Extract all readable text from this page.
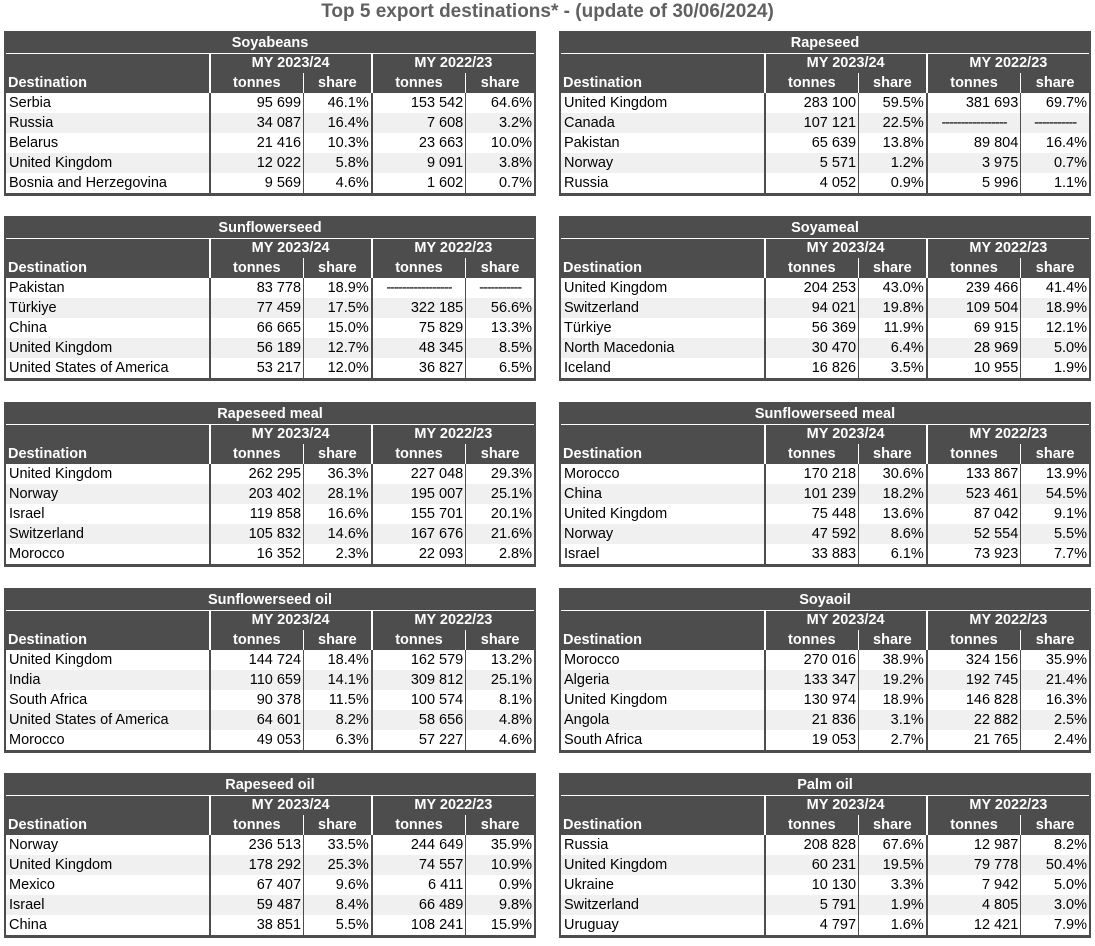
Top 5 export destinations* - (update of 30/06/2024)
Soyabeans				
	MY 2023/24		MY 2022/23	
Destination	tonnes	share	tonnes	share
Serbia	95 699	46.1%	153 542	64.6%
Russia	34 087	16.4%	7 608	3.2%
Belarus	21 416	10.3%	23 663	10.0%
United Kingdom	12 022	5.8%	9 091	3.8%
Bosnia and Herzegovina	9 569	4.6%	1 602	0.7%
Rapeseed				
	MY 2023/24		MY 2022/23	
Destination	tonnes	share	tonnes	share
United Kingdom	283 100	59.5%	381 693	69.7%
Canada	107 121	22.5%	-----------------	-----------
Pakistan	65 639	13.8%	89 804	16.4%
Norway	5 571	1.2%	3 975	0.7%
Russia	4 052	0.9%	5 996	1.1%
Sunflowerseed				
	MY 2023/24		MY 2022/23	
Destination	tonnes	share	tonnes	share
Pakistan	83 778	18.9%	-----------------	-----------
Türkiye	77 459	17.5%	322 185	56.6%
China	66 665	15.0%	75 829	13.3%
United Kingdom	56 189	12.7%	48 345	8.5%
United States of America	53 217	12.0%	36 827	6.5%
Soyameal				
	MY 2023/24		MY 2022/23	
Destination	tonnes	share	tonnes	share
United Kingdom	204 253	43.0%	239 466	41.4%
Switzerland	94 021	19.8%	109 504	18.9%
Türkiye	56 369	11.9%	69 915	12.1%
North Macedonia	30 470	6.4%	28 969	5.0%
Iceland	16 826	3.5%	10 955	1.9%
Rapeseed meal				
	MY 2023/24		MY 2022/23	
Destination	tonnes	share	tonnes	share
United Kingdom	262 295	36.3%	227 048	29.3%
Norway	203 402	28.1%	195 007	25.1%
Israel	119 858	16.6%	155 701	20.1%
Switzerland	105 832	14.6%	167 676	21.6%
Morocco	16 352	2.3%	22 093	2.8%
Sunflowerseed meal				
	MY 2023/24		MY 2022/23	
Destination	tonnes	share	tonnes	share
Morocco	170 218	30.6%	133 867	13.9%
China	101 239	18.2%	523 461	54.5%
United Kingdom	75 448	13.6%	87 042	9.1%
Norway	47 592	8.6%	52 554	5.5%
Israel	33 883	6.1%	73 923	7.7%
Sunflowerseed oil				
	MY 2023/24		MY 2022/23	
Destination	tonnes	share	tonnes	share
United Kingdom	144 724	18.4%	162 579	13.2%
India	110 659	14.1%	309 812	25.1%
South Africa	90 378	11.5%	100 574	8.1%
United States of America	64 601	8.2%	58 656	4.8%
Morocco	49 053	6.3%	57 227	4.6%
Soyaoil				
	MY 2023/24		MY 2022/23	
Destination	tonnes	share	tonnes	share
Morocco	270 016	38.9%	324 156	35.9%
Algeria	133 347	19.2%	192 745	21.4%
United Kingdom	130 974	18.9%	146 828	16.3%
Angola	21 836	3.1%	22 882	2.5%
South Africa	19 053	2.7%	21 765	2.4%
Rapeseed oil				
	MY 2023/24		MY 2022/23	
Destination	tonnes	share	tonnes	share
Norway	236 513	33.5%	244 649	35.9%
United Kingdom	178 292	25.3%	74 557	10.9%
Mexico	67 407	9.6%	6 411	0.9%
Israel	59 487	8.4%	66 489	9.8%
China	38 851	5.5%	108 241	15.9%
Palm oil				
	MY 2023/24		MY 2022/23	
Destination	tonnes	share	tonnes	share
Russia	208 828	67.6%	12 987	8.2%
United Kingdom	60 231	19.5%	79 778	50.4%
Ukraine	10 130	3.3%	7 942	5.0%
Switzerland	5 791	1.9%	4 805	3.0%
Uruguay	4 797	1.6%	12 421	7.9%
